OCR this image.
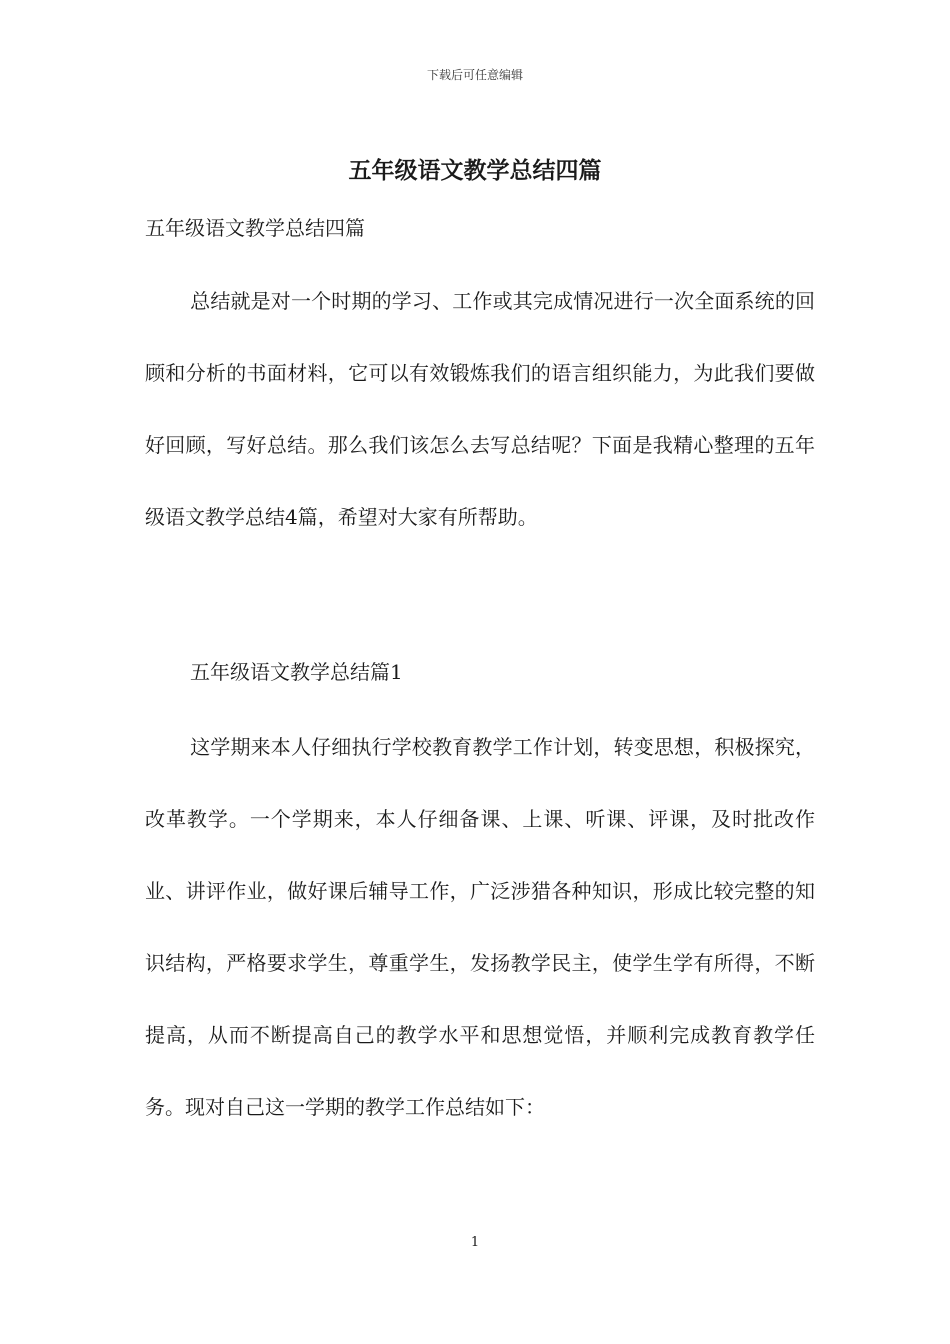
下载后可任意编辑
五年级语文教学总结四篇
五年级语文教学总结四篇

总结就是对一个时期的学习、工作或其完成情况进行一次全面系统的回顾和分析的书面材料，它可以有效锻炼我们的语言组织能力，为此我们要做好回顾，写好总结。那么我们该怎么去写总结呢？下面是我精心整理的五年级语文教学总结4篇，希望对大家有所帮助。

五年级语文教学总结篇1

这学期来本人仔细执行学校教育教学工作计划，转变思想，积极探究，改革教学。一个学期来，本人仔细备课、上课、听课、评课，及时批改作业、讲评作业，做好课后辅导工作，广泛涉猎各种知识，形成比较完整的知识结构，严格要求学生，尊重学生，发扬教学民主，使学生学有所得，不断提高，从而不断提高自己的教学水平和思想觉悟，并顺利完成教育教学任务。现对自己这一学期的教学工作总结如下：

1
